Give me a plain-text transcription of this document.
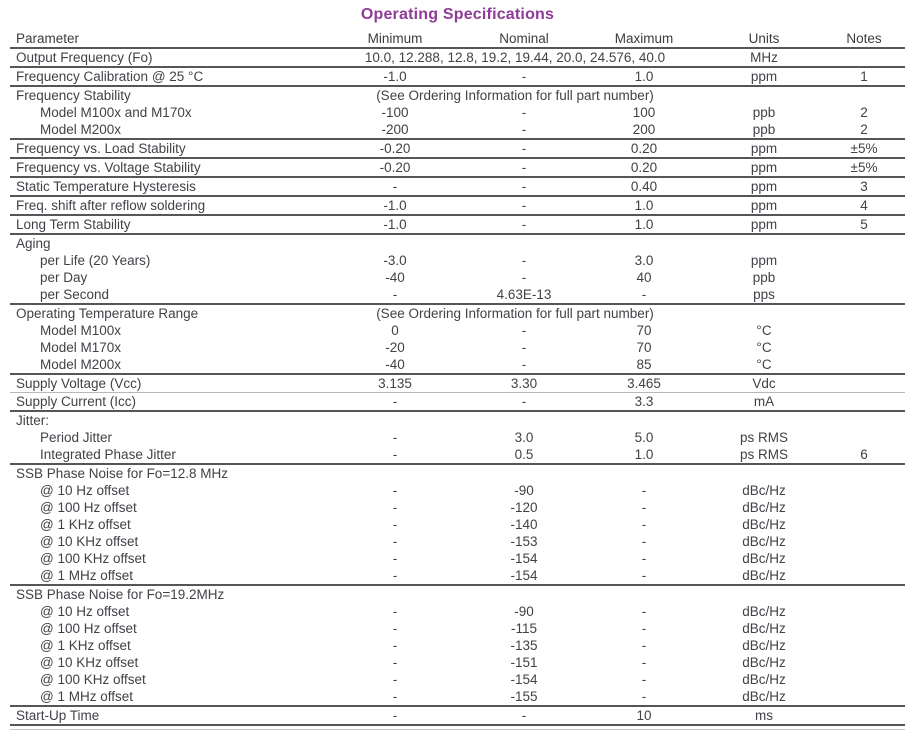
Operating Specifications
Parameter	Minimum	Nominal	Maximum	Units	Notes
Output Frequency (Fo)	10.0, 12.288, 12.8, 19.2, 19.44, 20.0, 24.576, 40.0			MHz	
Frequency Calibration @ 25 °C	-1.0	-	1.0	ppm	1
Frequency Stability	(See Ordering Information for full part number)				
Model M100x and M170x	-100	-	100	ppb	2
Model M200x	-200	-	200	ppb	2
Frequency vs. Load Stability	-0.20	-	0.20	ppm	±5%
Frequency vs. Voltage Stability	-0.20	-	0.20	ppm	±5%
Static Temperature Hysteresis	-	-	0.40	ppm	3
Freq. shift after reflow soldering	-1.0	-	1.0	ppm	4
Long Term Stability	-1.0	-	1.0	ppm	5
Aging					
per Life (20 Years)	-3.0	-	3.0	ppm	
per Day	-40	-	40	ppb	
per Second	-	4.63E-13	-	pps	
Operating Temperature Range	(See Ordering Information for full part number)				
Model M100x	0	-	70	°C	
Model M170x	-20	-	70	°C	
Model M200x	-40	-	85	°C	
Supply Voltage (Vcc)	3.135	3.30	3.465	Vdc	
Supply Current (Icc)	-	-	3.3	mA	
Jitter:					
Period Jitter	-	3.0	5.0	ps RMS	
Integrated Phase Jitter	-	0.5	1.0	ps RMS	6
SSB Phase Noise for Fo=12.8 MHz					
@ 10 Hz offset	-	-90	-	dBc/Hz	
@ 100 Hz offset	-	-120	-	dBc/Hz	
@ 1 KHz offset	-	-140	-	dBc/Hz	
@ 10 KHz offset	-	-153	-	dBc/Hz	
@ 100 KHz offset	-	-154	-	dBc/Hz	
@ 1 MHz offset	-	-154	-	dBc/Hz	
SSB Phase Noise for Fo=19.2MHz					
@ 10 Hz offset	-	-90	-	dBc/Hz	
@ 100 Hz offset	-	-115	-	dBc/Hz	
@ 1 KHz offset	-	-135	-	dBc/Hz	
@ 10 KHz offset	-	-151	-	dBc/Hz	
@ 100 KHz offset	-	-154	-	dBc/Hz	
@ 1 MHz offset	-	-155	-	dBc/Hz	
Start-Up Time	-	-	10	ms	
